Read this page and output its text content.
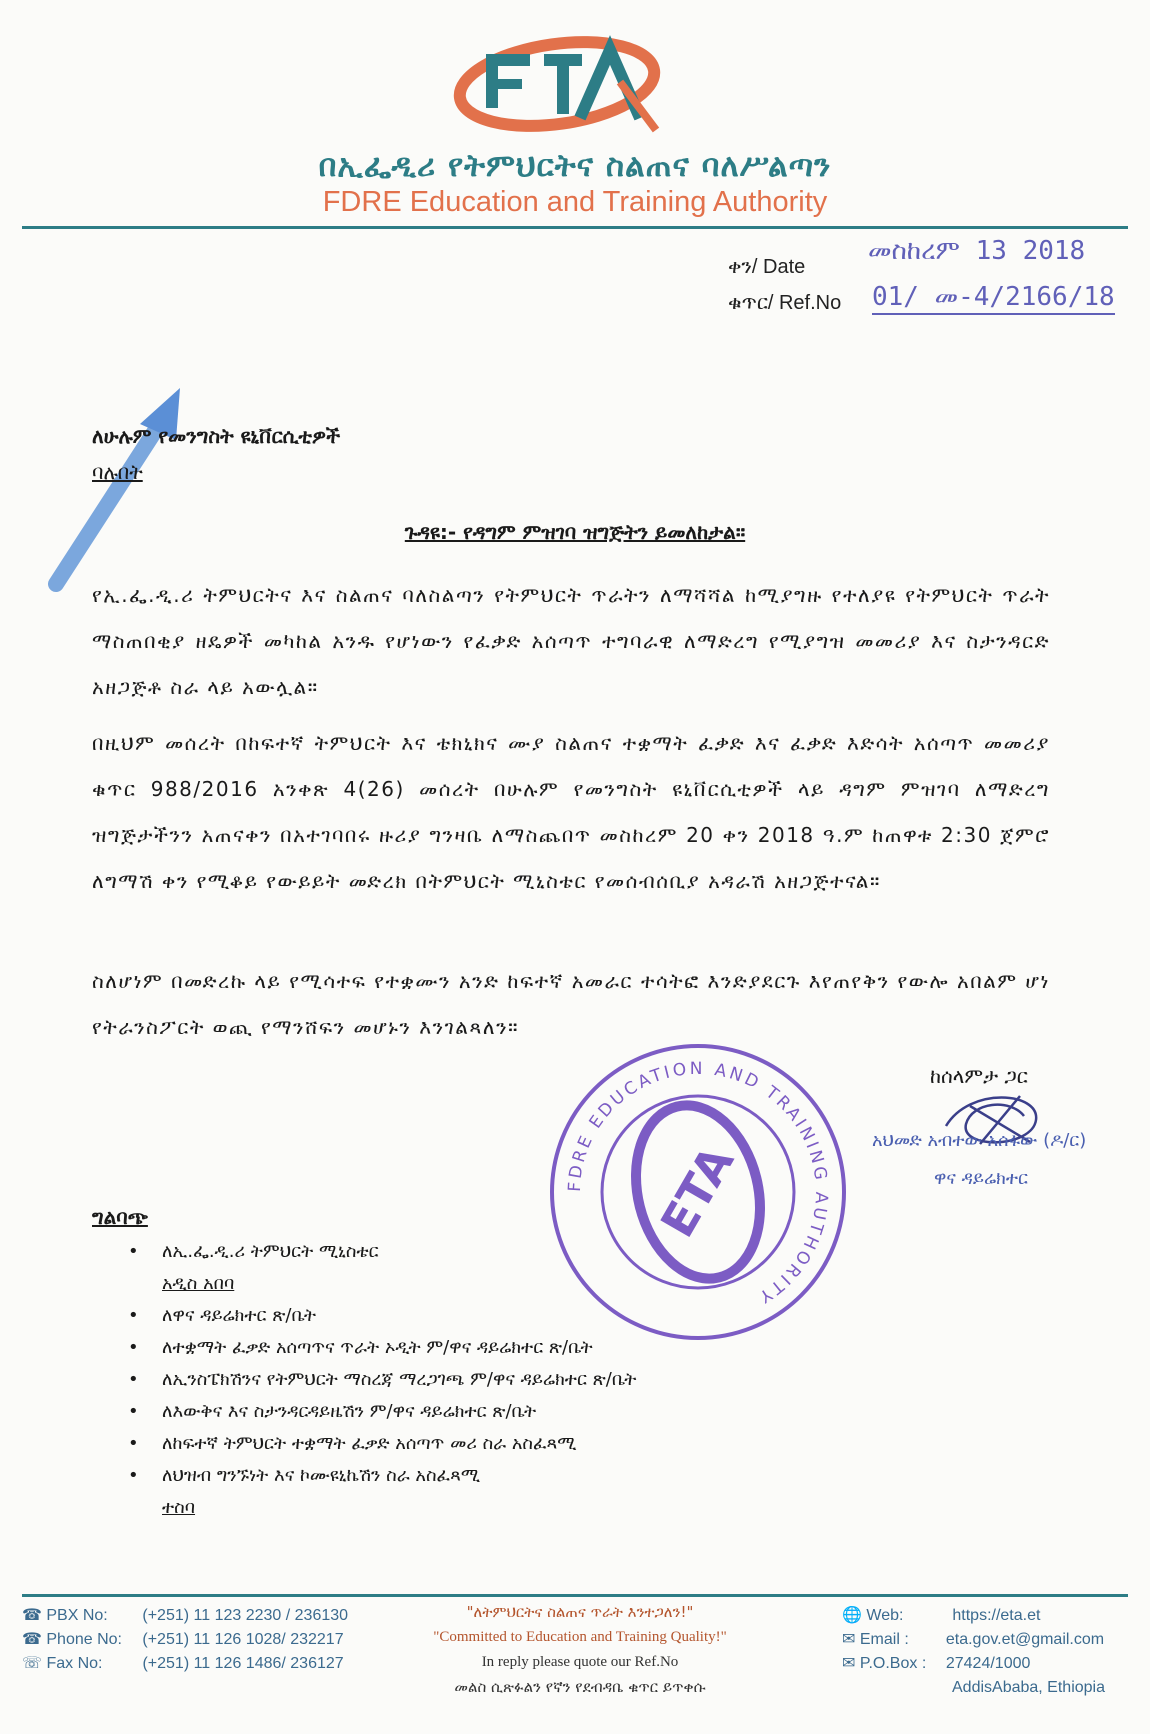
በኢፌዲሪ የትምህርትና ስልጠና ባለሥልጣን
FDRE Education and Training Authority
ቀን/ Date
መስከረም 13 2018
ቁጥር/ Ref.No 01/ መ-4/2166/18
ለሁሉም የመንግስት ዩኒቨርሲቲዎች
ባሉበት
ጉዳዩ:- የዳግም ምዝገባ ዝግጅትን ይመለከታል።
የኢ.ፌ.ዲ.ሪ ትምህርትና እና ስልጠና ባለስልጣን የትምህርት ጥራትን ለማሻሻል ከሚያግዙ የተለያዩ የትምህርት ጥራት ማስጠበቂያ ዘዴዎች መካከል አንዱ የሆነውን የፈቃድ አሰጣጥ ተግባራዊ ለማድረግ የሚያግዝ መመሪያ እና ስታንዳርድ አዘጋጅቶ ስራ ላይ አውሏል።
በዚህም መሰረት በከፍተኛ ትምህርት እና ቴክኒክና ሙያ ስልጠና ተቋማት ፈቃድ እና ፈቃድ እድሳት አሰጣጥ መመሪያ ቁጥር 988/2016 አንቀጽ 4(26) መሰረት በሁሉም የመንግስት ዩኒቨርሲቲዎች ላይ ዳግም ምዝገባ ለማድረግ ዝግጅታችንን አጠናቀን በአተገባበሩ ዙሪያ ግንዛቤ ለማስጨበጥ መስከረም 20 ቀን 2018 ዓ.ም ከጠዋቱ 2:30 ጀምሮ ለግማሽ ቀን የሚቆይ የውይይት መድረክ በትምህርት ሚኒስቴር የመሰብሰቢያ አዳራሽ አዘጋጅተናል።
ስለሆነም በመድረኩ ላይ የሚሳተፍ የተቋሙን አንድ ከፍተኛ አመራር ተሳትፎ እንድያደርጉ እየጠየቅን የውሎ አበልም ሆነ የትራንስፖርት ወጪ የማንሸፍን መሆኑን እንገልጻለን።
ከሰላምታ ጋር
አህመድ አብተው አሰፋው (ዶ/ር)
ዋና ዳይሬክተር
FDRE EDUCATION AND TRAINING AUTHORITY
ETA
ግልባጭ
• ለኢ.ፌ.ዲ.ሪ ትምህርት ሚኒስቴር
አዲስ አበባ
• ለዋና ዳይሬክተር ጽ/ቤት
• ለተቋማት ፈቃድ አሰጣጥና ጥራት ኦዲት ም/ዋና ዳይሬክተር ጽ/ቤት
• ለኢንስፔክሽንና የትምህርት ማስረጃ ማረጋገጫ ም/ዋና ዳይሬክተር ጽ/ቤት
• ለእውቅና እና ስታንዳርዳይዜሽን ም/ዋና ዳይሬክተር ጽ/ቤት
• ለከፍተኛ ትምህርት ተቋማት ፈቃድ አሰጣጥ መሪ ስራ አስፈጻሚ
• ለህዝብ ግንኙነት እና ኮሙዩኒኬሽን ስራ አስፈጻሚ
ተስባ
☎ PBX No: (+251) 11 123 2230 / 236130
☎ Phone No: (+251) 11 126 1028/ 232217
☏ Fax No: (+251) 11 126 1486/ 236127
"ለትምህርትና ስልጠና ጥራት እንተጋለን!"
"Committed to Education and Training Quality!"
In reply please quote our Ref.No
መልስ ሲጽፉልን የኛን የደብዳቤ ቁጥር ይጥቀሱ
🌐 Web:	https://eta.et
✉ Email : eta.gov.et@gmail.com
✉ P.O.Box : 27424/1000
AddisAbaba, Ethiopia
